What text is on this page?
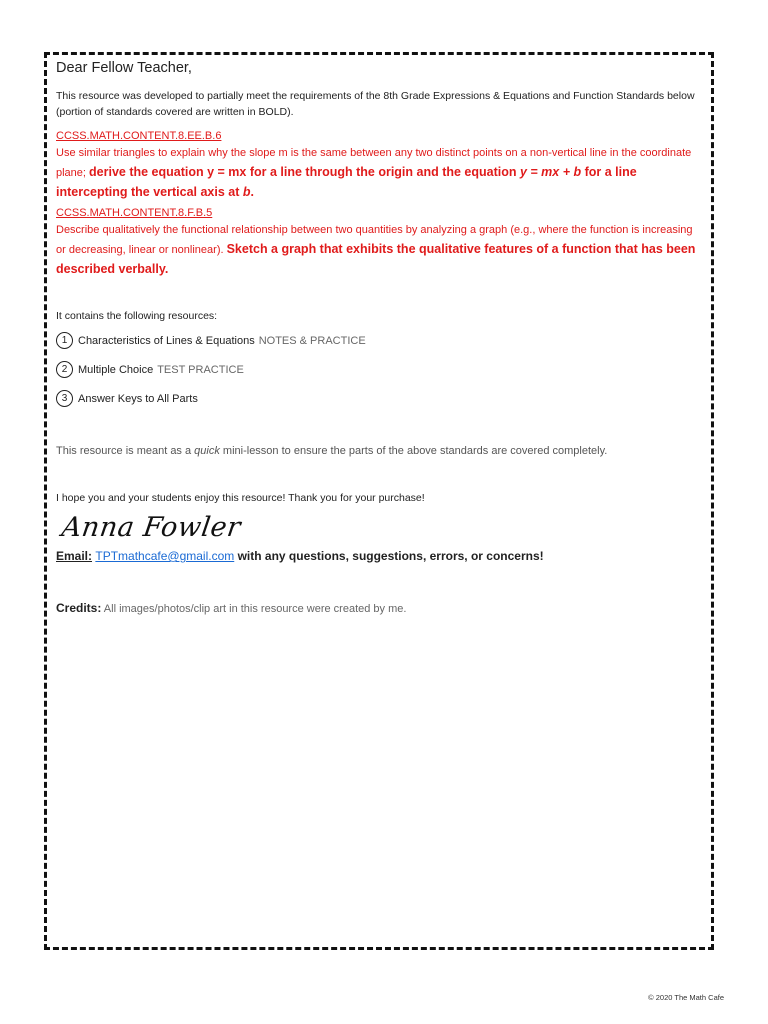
Dear Fellow Teacher,
This resource was developed to partially meet the requirements of the 8th Grade Expressions & Equations and Function Standards below (portion of standards covered are written in BOLD).
CCSS.MATH.CONTENT.8.EE.B.6
Use similar triangles to explain why the slope m is the same between any two distinct points on a non-vertical line in the coordinate plane; derive the equation y = mx for a line through the origin and the equation y = mx + b for a line intercepting the vertical axis at b.
CCSS.MATH.CONTENT.8.F.B.5
Describe qualitatively the functional relationship between two quantities by analyzing a graph (e.g., where the function is increasing or decreasing, linear or nonlinear). Sketch a graph that exhibits the qualitative features of a function that has been described verbally.
It contains the following resources:
1 Characteristics of Lines & Equations NOTES & PRACTICE
2 Multiple Choice TEST PRACTICE
3 Answer Keys to All Parts
This resource is meant as a quick mini-lesson to ensure the parts of the above standards are covered completely.
I hope you and your students enjoy this resource! Thank you for your purchase!
Anna Fowler
Email: TPTmathcafe@gmail.com with any questions, suggestions, errors, or concerns!
Credits: All images/photos/clip art in this resource were created by me.
© 2020 The Math Cafe
